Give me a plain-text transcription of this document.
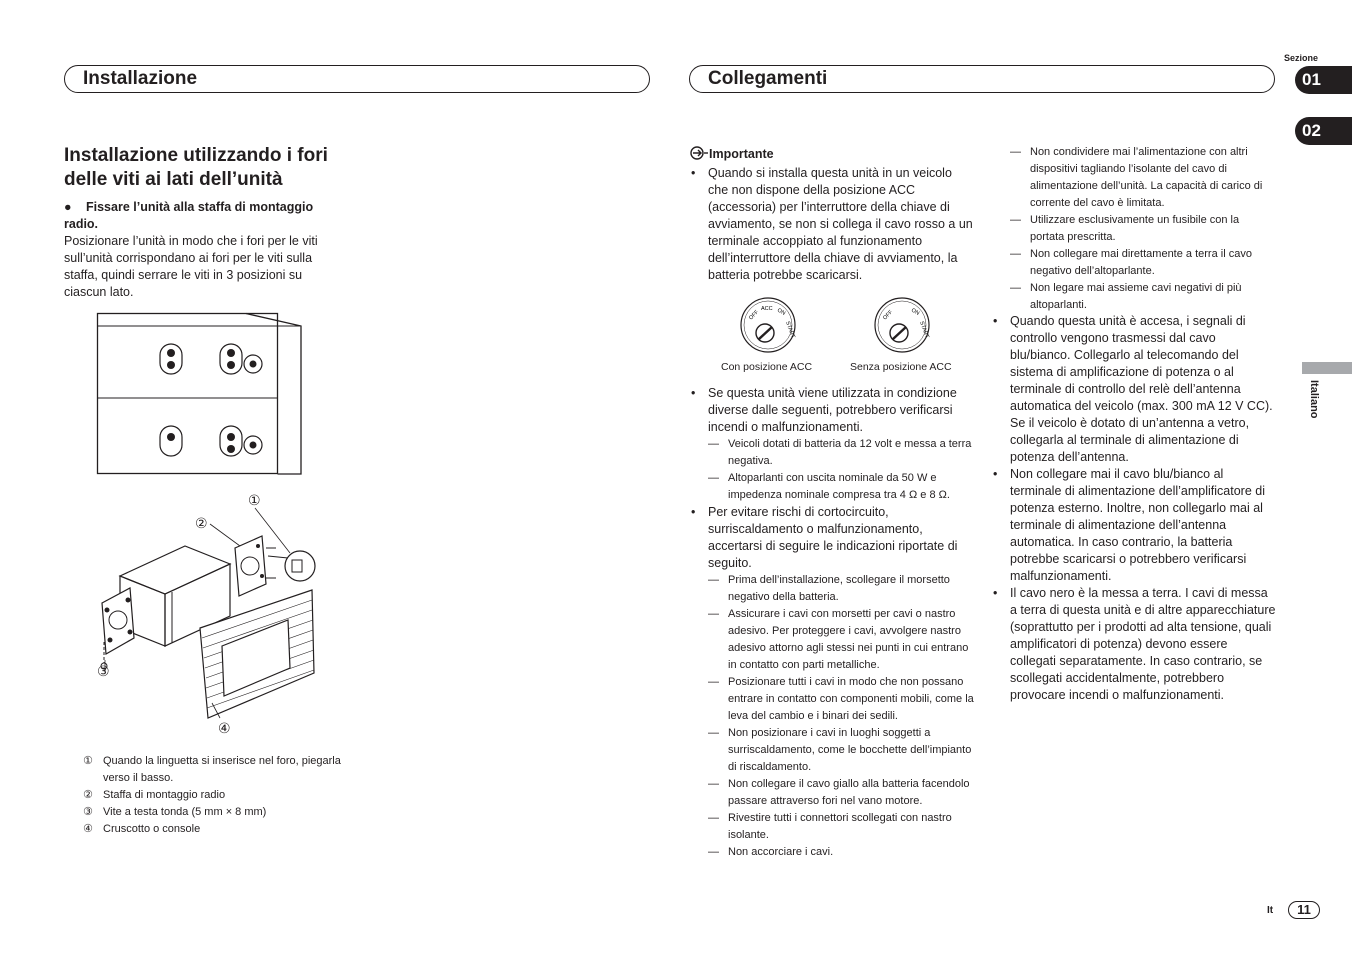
Installazione	Collegamenti
Sezione
01
02
Italiano
Installazione utilizzando i fori delle viti ai lati dell’unità
● Fissare l’unità alla staffa di montaggio radio.
Posizionare l’unità in modo che i fori per le viti sull’unità corrispondano ai fori per le viti sulla staffa, quindi serrare le viti in 3 posizioni su ciascun lato.
①
②
③
④
① Quando la linguetta si inserisce nel foro, piegarla verso il basso.
② Staffa di montaggio radio
③ Vite a testa tonda (5 mm × 8 mm)
④ Cruscotto o console
Importante
• Quando si installa questa unità in un veicolo che non dispone della posizione ACC (accessoria) per l’interruttore della chiave di avviamento, se non si collega il cavo rosso a un terminale accoppiato al funzionamento dell’interruttore della chiave di avviamento, la batteria potrebbe scaricarsi.
OFF
ACC ON
START
OFF	ON
START
Con posizione ACC	Senza posizione ACC
• Se questa unità viene utilizzata in condizione diverse dalle seguenti, potrebbero verificarsi incendi o malfunzionamenti.
— Veicoli dotati di batteria da 12 volt e messa a terra negativa.
— Altoparlanti con uscita nominale da 50 W e impedenza nominale compresa tra 4 Ω e 8 Ω.
• Per evitare rischi di cortocircuito, surriscaldamento o malfunzionamento, accertarsi di seguire le indicazioni riportate di seguito.
— Prima dell’installazione, scollegare il morsetto negativo della batteria.
— Assicurare i cavi con morsetti per cavi o nastro adesivo. Per proteggere i cavi, avvolgere nastro adesivo attorno agli stessi nei punti in cui entrano in contatto con parti metalliche.
— Posizionare tutti i cavi in modo che non possano entrare in contatto con componenti mobili, come la leva del cambio e i binari dei sedili.
— Non posizionare i cavi in luoghi soggetti a surriscaldamento, come le bocchette dell’impianto di riscaldamento.
— Non collegare il cavo giallo alla batteria facendolo passare attraverso fori nel vano motore.
— Rivestire tutti i connettori scollegati con nastro isolante.
— Non accorciare i cavi.
— Non condividere mai l’alimentazione con altri dispositivi tagliando l’isolante del cavo di alimentazione dell’unità. La capacità di carico di corrente del cavo è limitata.
— Utilizzare esclusivamente un fusibile con la portata prescritta.
— Non collegare mai direttamente a terra il cavo negativo dell’altoparlante.
— Non legare mai assieme cavi negativi di più altoparlanti.
• Quando questa unità è accesa, i segnali di controllo vengono trasmessi dal cavo blu/bianco. Collegarlo al telecomando del sistema di amplificazione di potenza o al terminale di controllo del relè dell’antenna automatica del veicolo (max. 300 mA 12 V CC). Se il veicolo è dotato di un’antenna a vetro, collegarla al terminale di alimentazione di potenza dell’antenna.
• Non collegare mai il cavo blu/bianco al terminale di alimentazione dell’amplificatore di potenza esterno. Inoltre, non collegarlo mai al terminale di alimentazione dell’antenna automatica. In caso contrario, la batteria potrebbe scaricarsi o potrebbero verificarsi malfunzionamenti.
• Il cavo nero è la messa a terra. I cavi di messa a terra di questa unità e di altre apparecchiature (soprattutto per i prodotti ad alta tensione, quali amplificatori di potenza) devono essere collegati separatamente. In caso contrario, se scollegati accidentalmente, potrebbero provocare incendi o malfunzionamenti.
It	11
